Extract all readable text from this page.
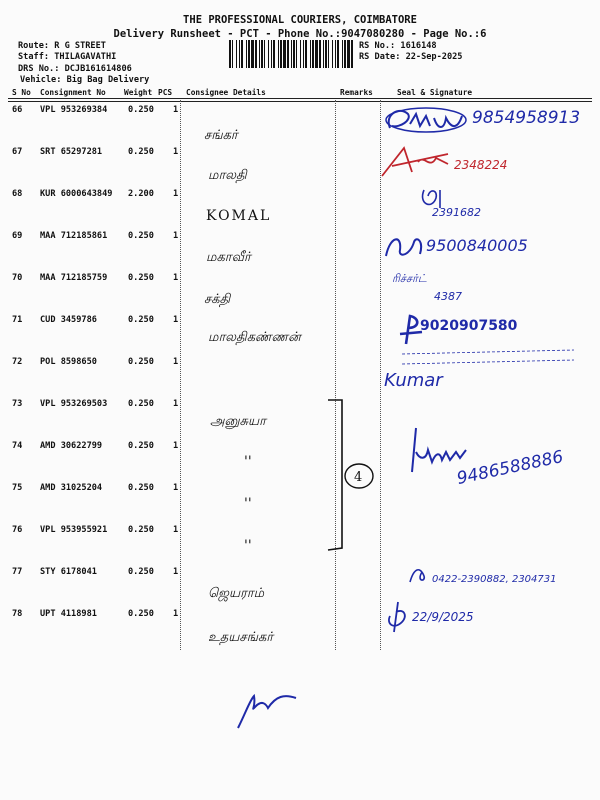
THE PROFESSIONAL COURIERS, COIMBATORE
Delivery Runsheet - PCT - Phone No.:9047080280 - Page No.:6
Route: R G STREET
Staff: THILAGAVATHI
DRS No.: DCJB161614806
Vehicle: Big Bag Delivery
RS No.: 1616148
RS Date: 22-Sep-2025
S No Consignment No Weight PCS Consignee Details	Remarks	Seal & Signature
66 VPL 953269384 0.250 1
சங்கர்
9854958913
67 SRT 65297281	0.250 1
மாலதி
2348224
68 KUR 6000643849 2.200 1
KOMAL	2391682
69 MAA 712185861 0.250 1
மகாவீர்
9500840005
70 MAA 712185759 0.250 1
சக்தி	4387
ரிச்சர்ட்
71 CUD 3459786	0.250 1	9020907580
72 POL 8598650	0.250 1
மாலதிகண்ணன்
Kumar
73 VPL 953269503 0.250 1
அனுசுயா
74 AMD 30622799	0.250 1
''	9486588886
75 AMD 31025204	0.250 1
''
76 VPL 953955921 0.250 1
''
4
77 STY 6178041	0.250 1
ஜெயராம்
0422-2390882, 2304731
78 UPT 4118981	0.250 1
உதயசங்கர்
22/9/2025
